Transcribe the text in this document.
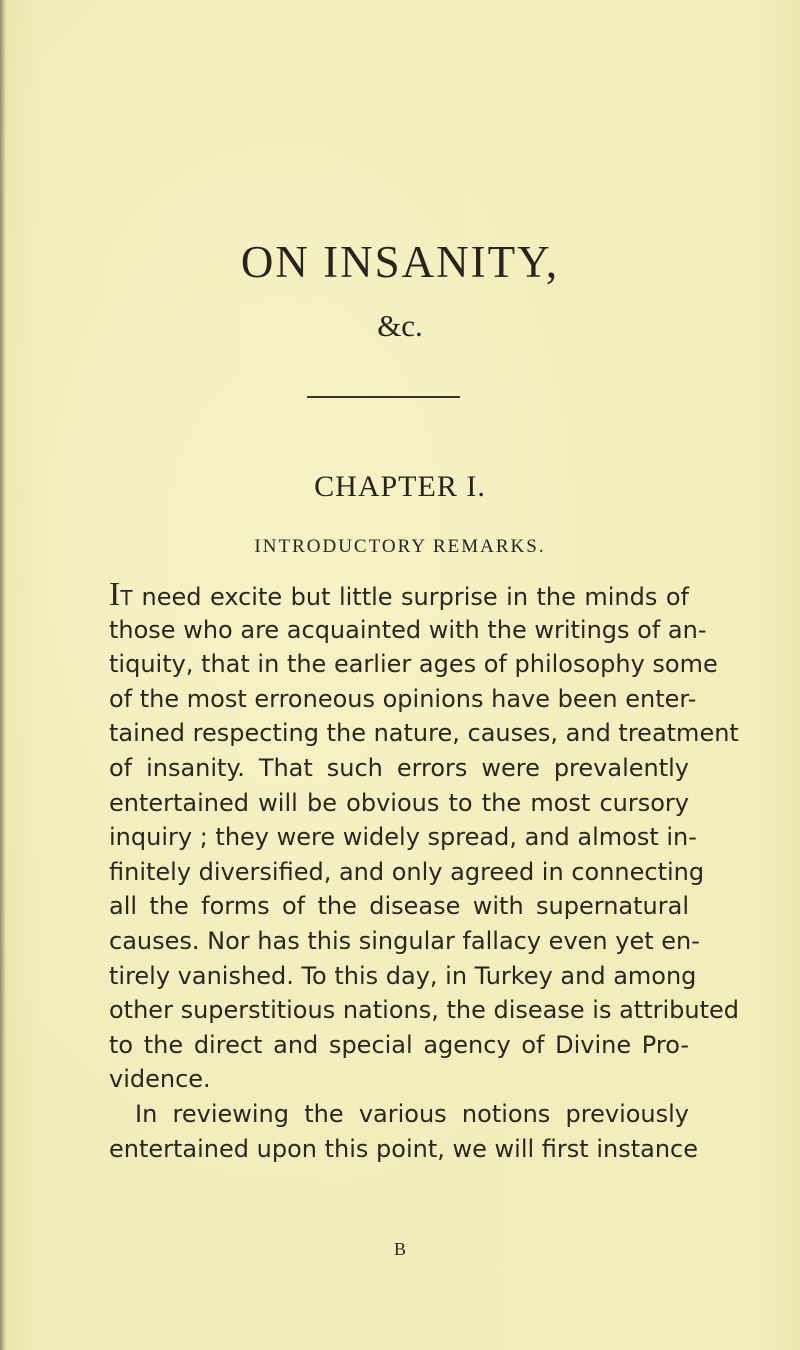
ON INSANITY,
&c.
CHAPTER I.
INTRODUCTORY REMARKS.
IT need excite but little surprise in the minds of
those who are acquainted with the writings of an-
tiquity, that in the earlier ages of philosophy some
of the most erroneous opinions have been enter-
tained respecting the nature, causes, and treatment
of insanity. That such errors were prevalently
entertained will be obvious to the most cursory
inquiry ; they were widely spread, and almost in-
finitely diversified, and only agreed in connecting
all the forms of the disease with supernatural
causes. Nor has this singular fallacy even yet en-
tirely vanished. To this day, in Turkey and among
other superstitious nations, the disease is attributed
to the direct and special agency of Divine Pro-
vidence.
In reviewing the various notions previously
entertained upon this point, we will first instance
B
